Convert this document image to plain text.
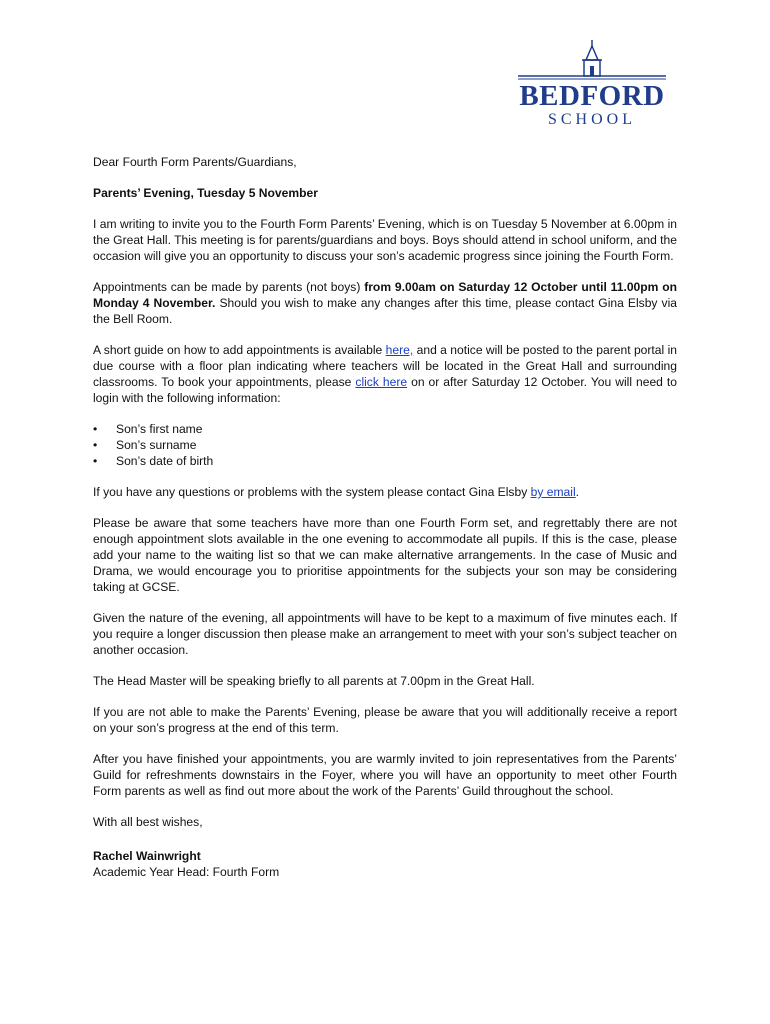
BEDFORD
SCHOOL

Dear Fourth Form Parents/Guardians,

Parents’ Evening, Tuesday 5 November

I am writing to invite you to the Fourth Form Parents’ Evening, which is on Tuesday 5 November at 6.00pm in the Great Hall. This meeting is for parents/guardians and boys. Boys should attend in school uniform, and the occasion will give you an opportunity to discuss your son’s academic progress since joining the Fourth Form.

Appointments can be made by parents (not boys) from 9.00am on Saturday 12 October until 11.00pm on Monday 4 November. Should you wish to make any changes after this time, please contact Gina Elsby via the Bell Room.

A short guide on how to add appointments is available here, and a notice will be posted to the parent portal in due course with a floor plan indicating where teachers will be located in the Great Hall and surrounding classrooms. To book your appointments, please click here on or after Saturday 12 October. You will need to login with the following information:

• Son’s first name
• Son’s surname
• Son’s date of birth

If you have any questions or problems with the system please contact Gina Elsby by email.

Please be aware that some teachers have more than one Fourth Form set, and regrettably there are not enough appointment slots available in the one evening to accommodate all pupils. If this is the case, please add your name to the waiting list so that we can make alternative arrangements. In the case of Music and Drama, we would encourage you to prioritise appointments for the subjects your son may be considering taking at GCSE.

Given the nature of the evening, all appointments will have to be kept to a maximum of five minutes each. If you require a longer discussion then please make an arrangement to meet with your son’s subject teacher on another occasion.

The Head Master will be speaking briefly to all parents at 7.00pm in the Great Hall.

If you are not able to make the Parents’ Evening, please be aware that you will additionally receive a report on your son’s progress at the end of this term.

After you have finished your appointments, you are warmly invited to join representatives from the Parents’ Guild for refreshments downstairs in the Foyer, where you will have an opportunity to meet other Fourth Form parents as well as find out more about the work of the Parents’ Guild throughout the school.

With all best wishes,

Rachel Wainwright
Academic Year Head: Fourth Form
